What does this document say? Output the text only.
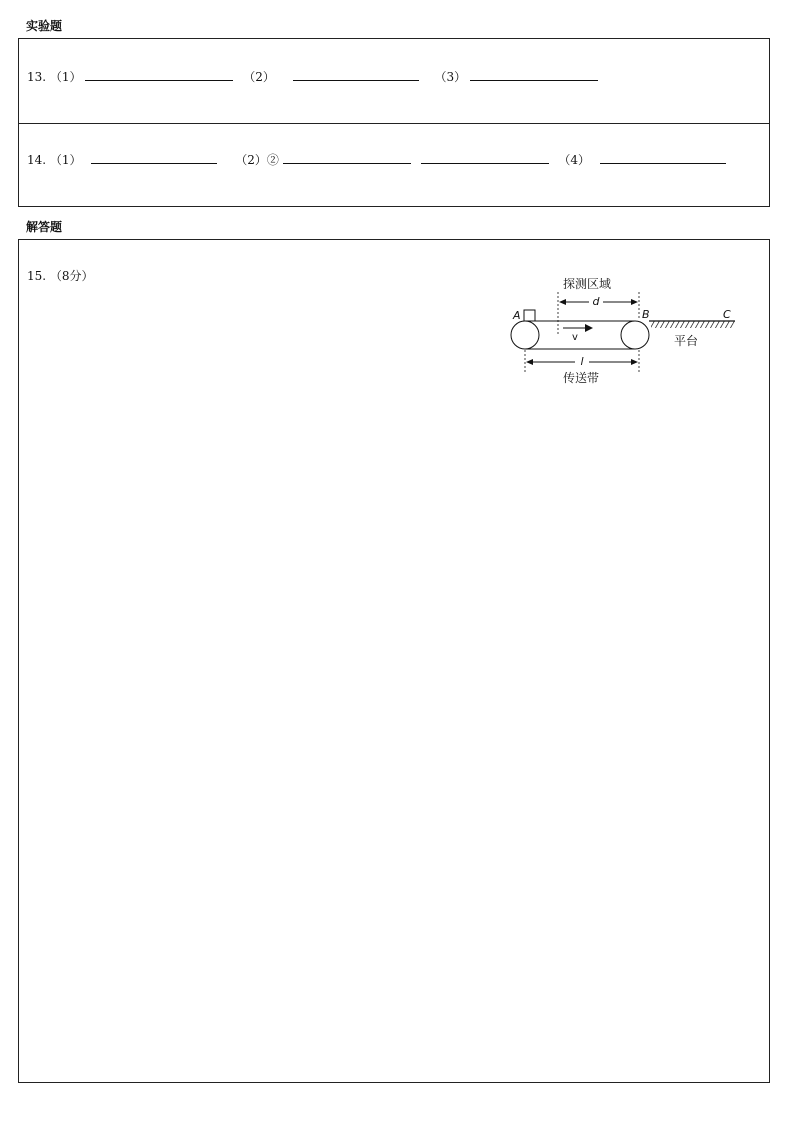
实验题
13. （1）	（2）	（3）
14. （1）	（2）②	（4）
解答题
15. （8分）
探测区域
d
A	B	C
v	平台
l
传送带
